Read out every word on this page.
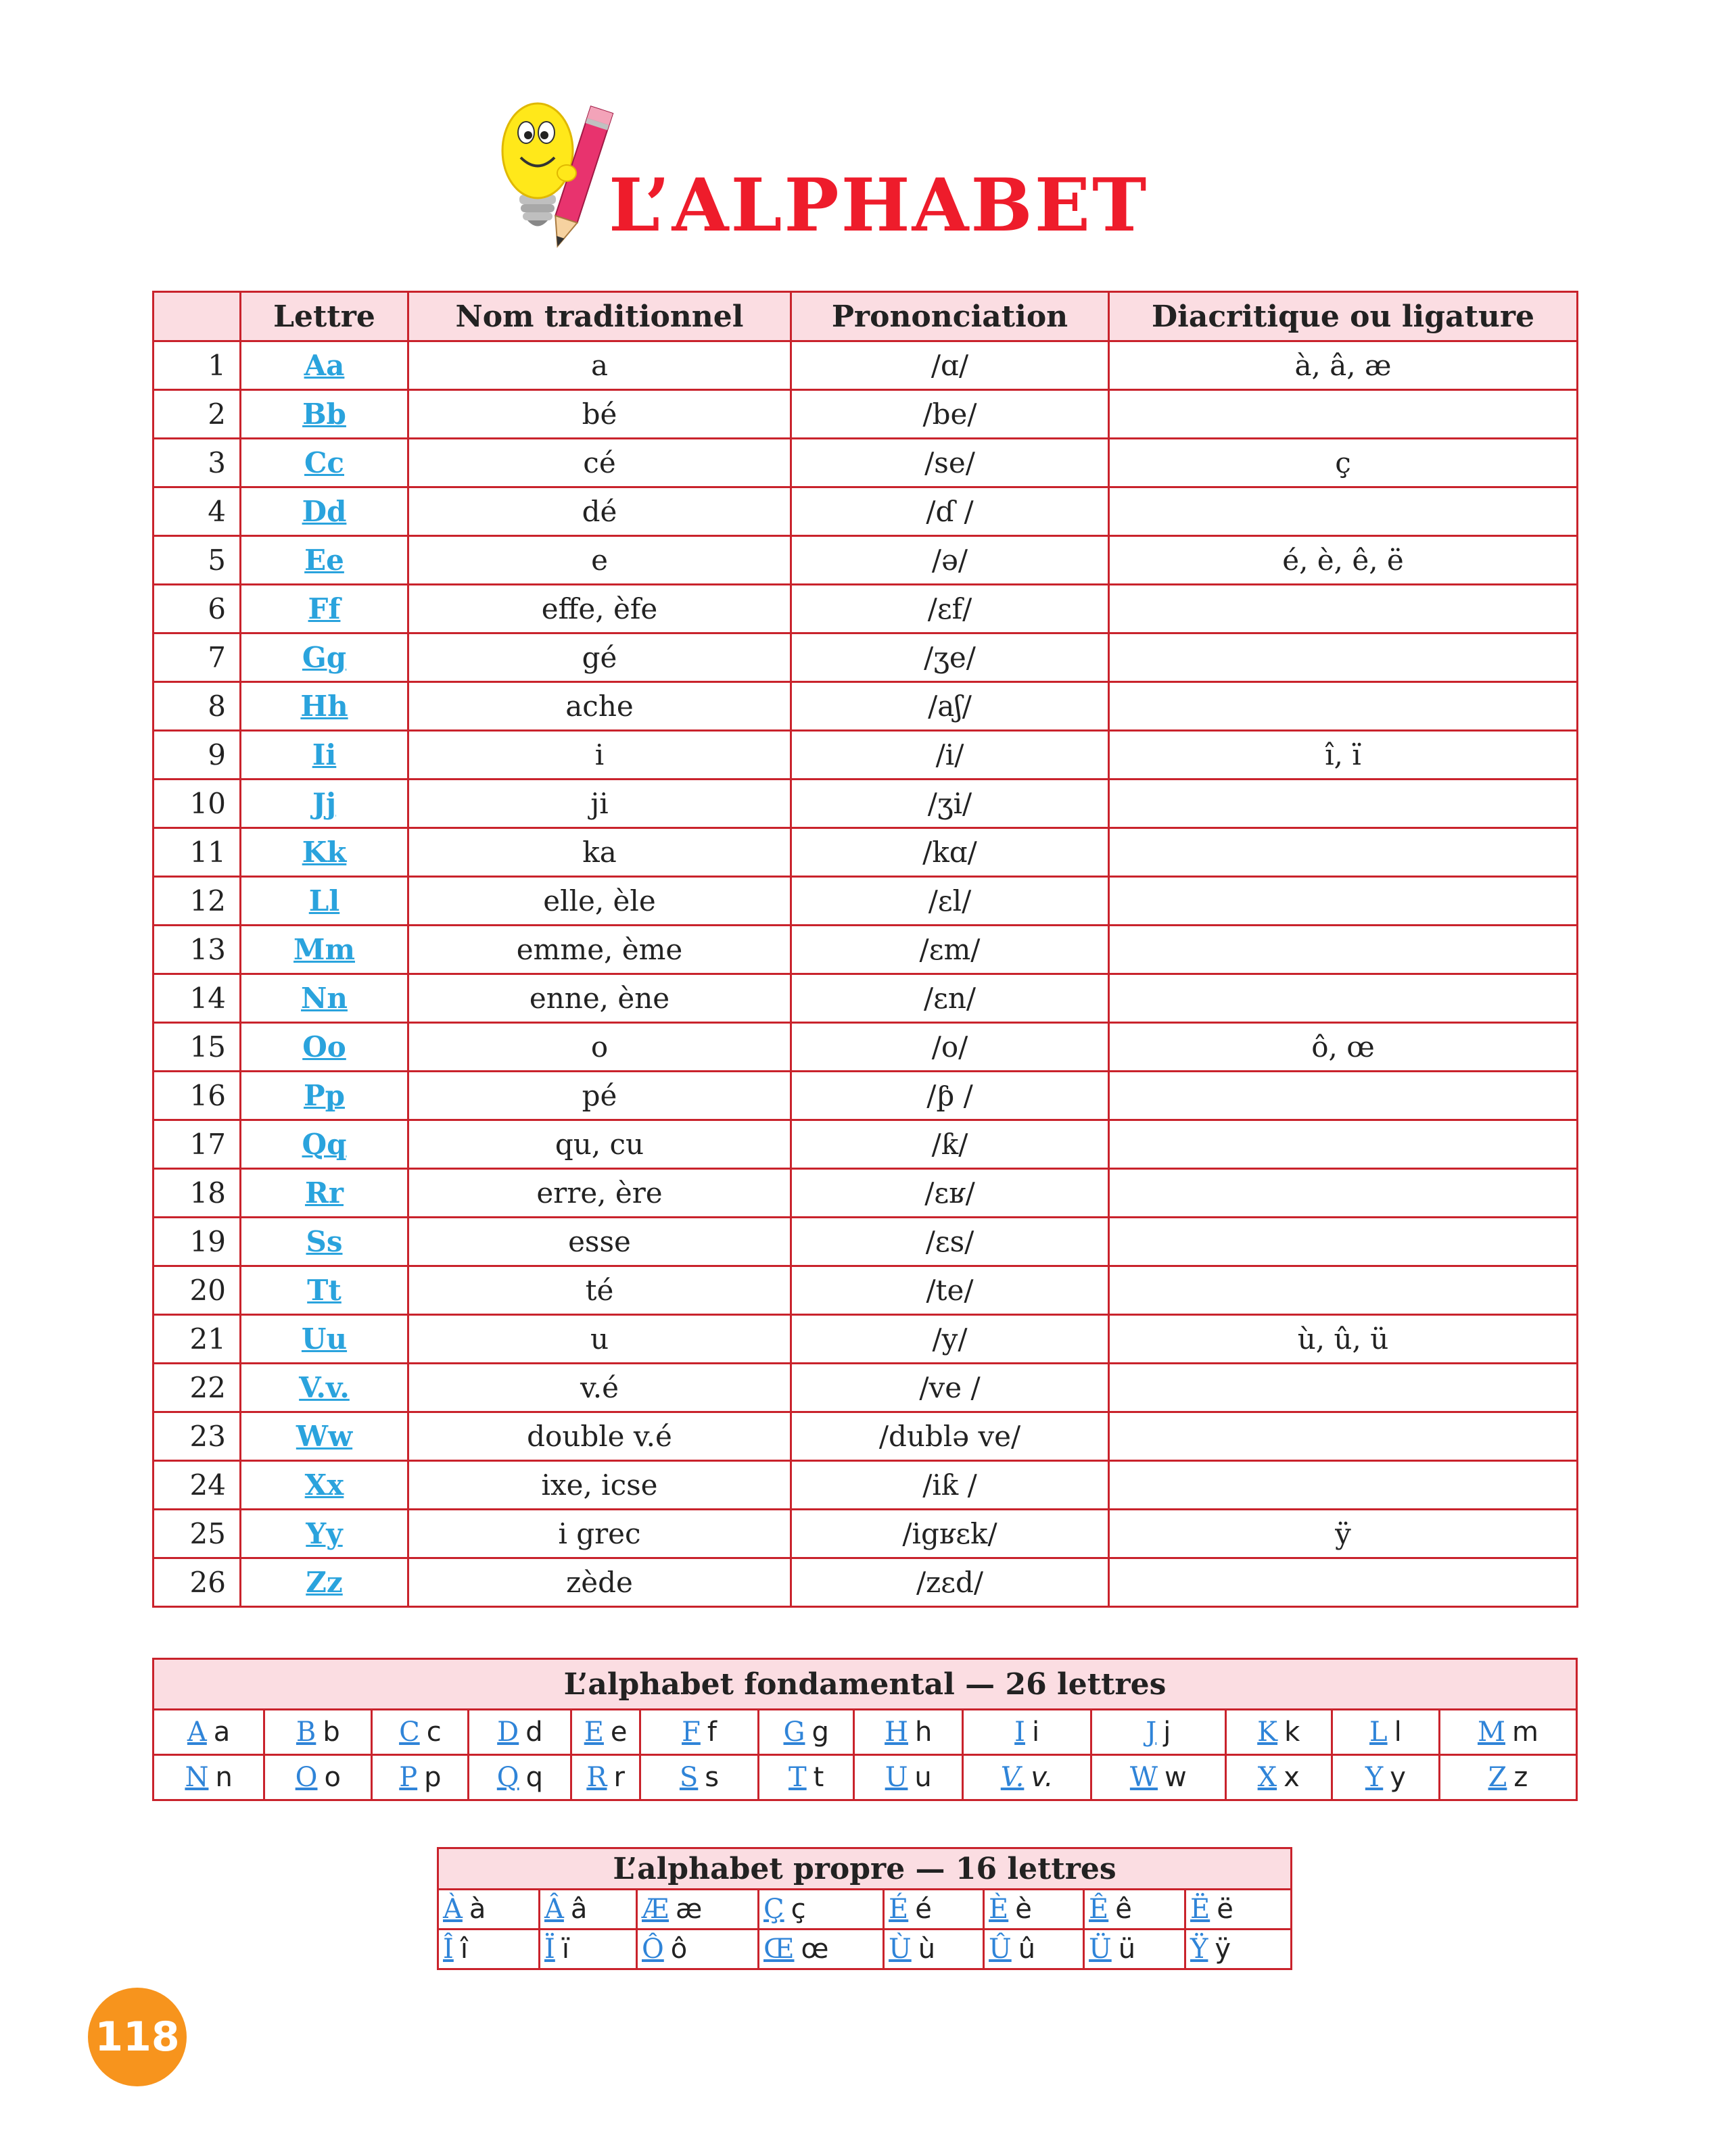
L’ALPHABET
	Lettre	Nom traditionnel	Prononciation	Diacritique ou ligature
1	Aa	a	/ɑ/	à, â, æ
2	Bb	bé	/be/	
3	Cc	cé	/se/	ç
4	Dd	dé	/ɗ /	
5	Ee	e	/ə/	é, è, ê, ë
6	Ff	effe, èfe	/ɛf/	
7	Gg	gé	/ʒe/	
8	Hh	ache	/aʃ/	
9	Ii	i	/i/	î, ï
10	Jj	ji	/ʒi/	
11	Kk	ka	/kɑ/	
12	Ll	elle, èle	/ɛl/	
13	Mm	emme, ème	/ɛm/	
14	Nn	enne, ène	/ɛn/	
15	Oo	o	/o/	ô, œ
16	Pp	pé	/ƥ /	
17	Qq	qu, cu	/ƙ/	
18	Rr	erre, ère	/ɛʁ/	
19	Ss	esse	/ɛs/	
20	Tt	té	/te/	
21	Uu	u	/y/	ù, û, ü
22	V.v.	v.é	/ve /	
23	Ww	double v.é	/dublə ve/	
24	Xx	ixe, icse	/iƙ /	
25	Yy	i grec	/igʁɛk/	ÿ
26	Zz	zède	/zɛd/	
L’alphabet fondamental — 26 lettres												
A a	B b	C c	D d	E e	F f	G g	H h	I i	J j	K k	L l	M m
N n	O o	P p	Q q	R r	S s	T t	U u	V. v.	W w	X x	Y y	Z z
L’alphabet propre — 16 lettres							
À à	Â â	Æ æ	Ç ç	É é	È è	Ê ê	Ë ë
Î î	Ï ï	Ô ô	Œ œ	Ù ù	Û û	Ü ü	Ÿ ÿ
118
